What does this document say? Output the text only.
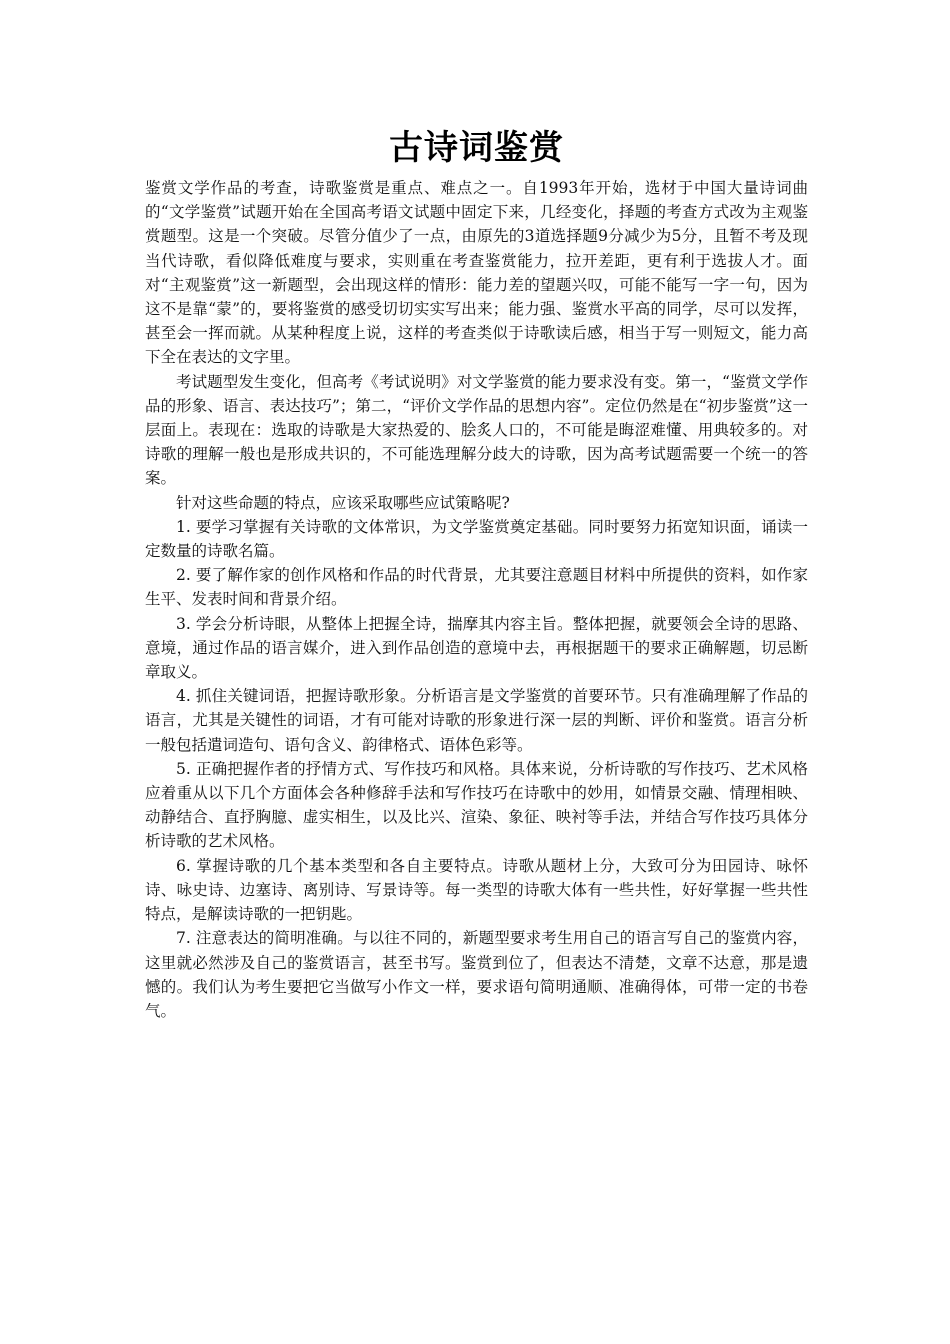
古诗词鉴赏

鉴赏文学作品的考查，诗歌鉴赏是重点、难点之一。自1993年开始，选材于中国大量诗词曲的“文学鉴赏”试题开始在全国高考语文试题中固定下来，几经变化，择题的考查方式改为主观鉴赏题型。这是一个突破。尽管分值少了一点，由原先的3道选择题9分减少为5分，且暂不考及现当代诗歌，看似降低难度与要求，实则重在考查鉴赏能力，拉开差距，更有利于选拔人才。面对“主观鉴赏”这一新题型，会出现这样的情形：能力差的望题兴叹，可能不能写一字一句，因为这不是靠“蒙”的，要将鉴赏的感受切切实实写出来；能力强、鉴赏水平高的同学，尽可以发挥，甚至会一挥而就。从某种程度上说，这样的考查类似于诗歌读后感，相当于写一则短文，能力高下全在表达的文字里。

考试题型发生变化，但高考《考试说明》对文学鉴赏的能力要求没有变。第一，“鉴赏文学作品的形象、语言、表达技巧”；第二，“评价文学作品的思想内容”。定位仍然是在“初步鉴赏”这一层面上。表现在：选取的诗歌是大家热爱的、脍炙人口的，不可能是晦涩难懂、用典较多的。对诗歌的理解一般也是形成共识的，不可能选理解分歧大的诗歌，因为高考试题需要一个统一的答案。

针对这些命题的特点，应该采取哪些应试策略呢?

1. 要学习掌握有关诗歌的文体常识，为文学鉴赏奠定基础。同时要努力拓宽知识面，诵读一定数量的诗歌名篇。

2. 要了解作家的创作风格和作品的时代背景，尤其要注意题目材料中所提供的资料，如作家生平、发表时间和背景介绍。

3. 学会分析诗眼，从整体上把握全诗，揣摩其内容主旨。整体把握，就要领会全诗的思路、意境，通过作品的语言媒介，进入到作品创造的意境中去，再根据题干的要求正确解题，切忌断章取义。

4. 抓住关键词语，把握诗歌形象。分析语言是文学鉴赏的首要环节。只有准确理解了作品的语言，尤其是关键性的词语，才有可能对诗歌的形象进行深一层的判断、评价和鉴赏。语言分析一般包括遣词造句、语句含义、韵律格式、语体色彩等。

5. 正确把握作者的抒情方式、写作技巧和风格。具体来说，分析诗歌的写作技巧、艺术风格应着重从以下几个方面体会各种修辞手法和写作技巧在诗歌中的妙用，如情景交融、情理相映、动静结合、直抒胸臆、虚实相生，以及比兴、渲染、象征、映衬等手法，并结合写作技巧具体分析诗歌的艺术风格。

6. 掌握诗歌的几个基本类型和各自主要特点。诗歌从题材上分，大致可分为田园诗、咏怀诗、咏史诗、边塞诗、离别诗、写景诗等。每一类型的诗歌大体有一些共性，好好掌握一些共性特点，是解读诗歌的一把钥匙。

7. 注意表达的简明准确。与以往不同的，新题型要求考生用自己的语言写自己的鉴赏内容，这里就必然涉及自己的鉴赏语言，甚至书写。鉴赏到位了，但表达不清楚，文章不达意，那是遗憾的。我们认为考生要把它当做写小作文一样，要求语句简明通顺、准确得体，可带一定的书卷气。
